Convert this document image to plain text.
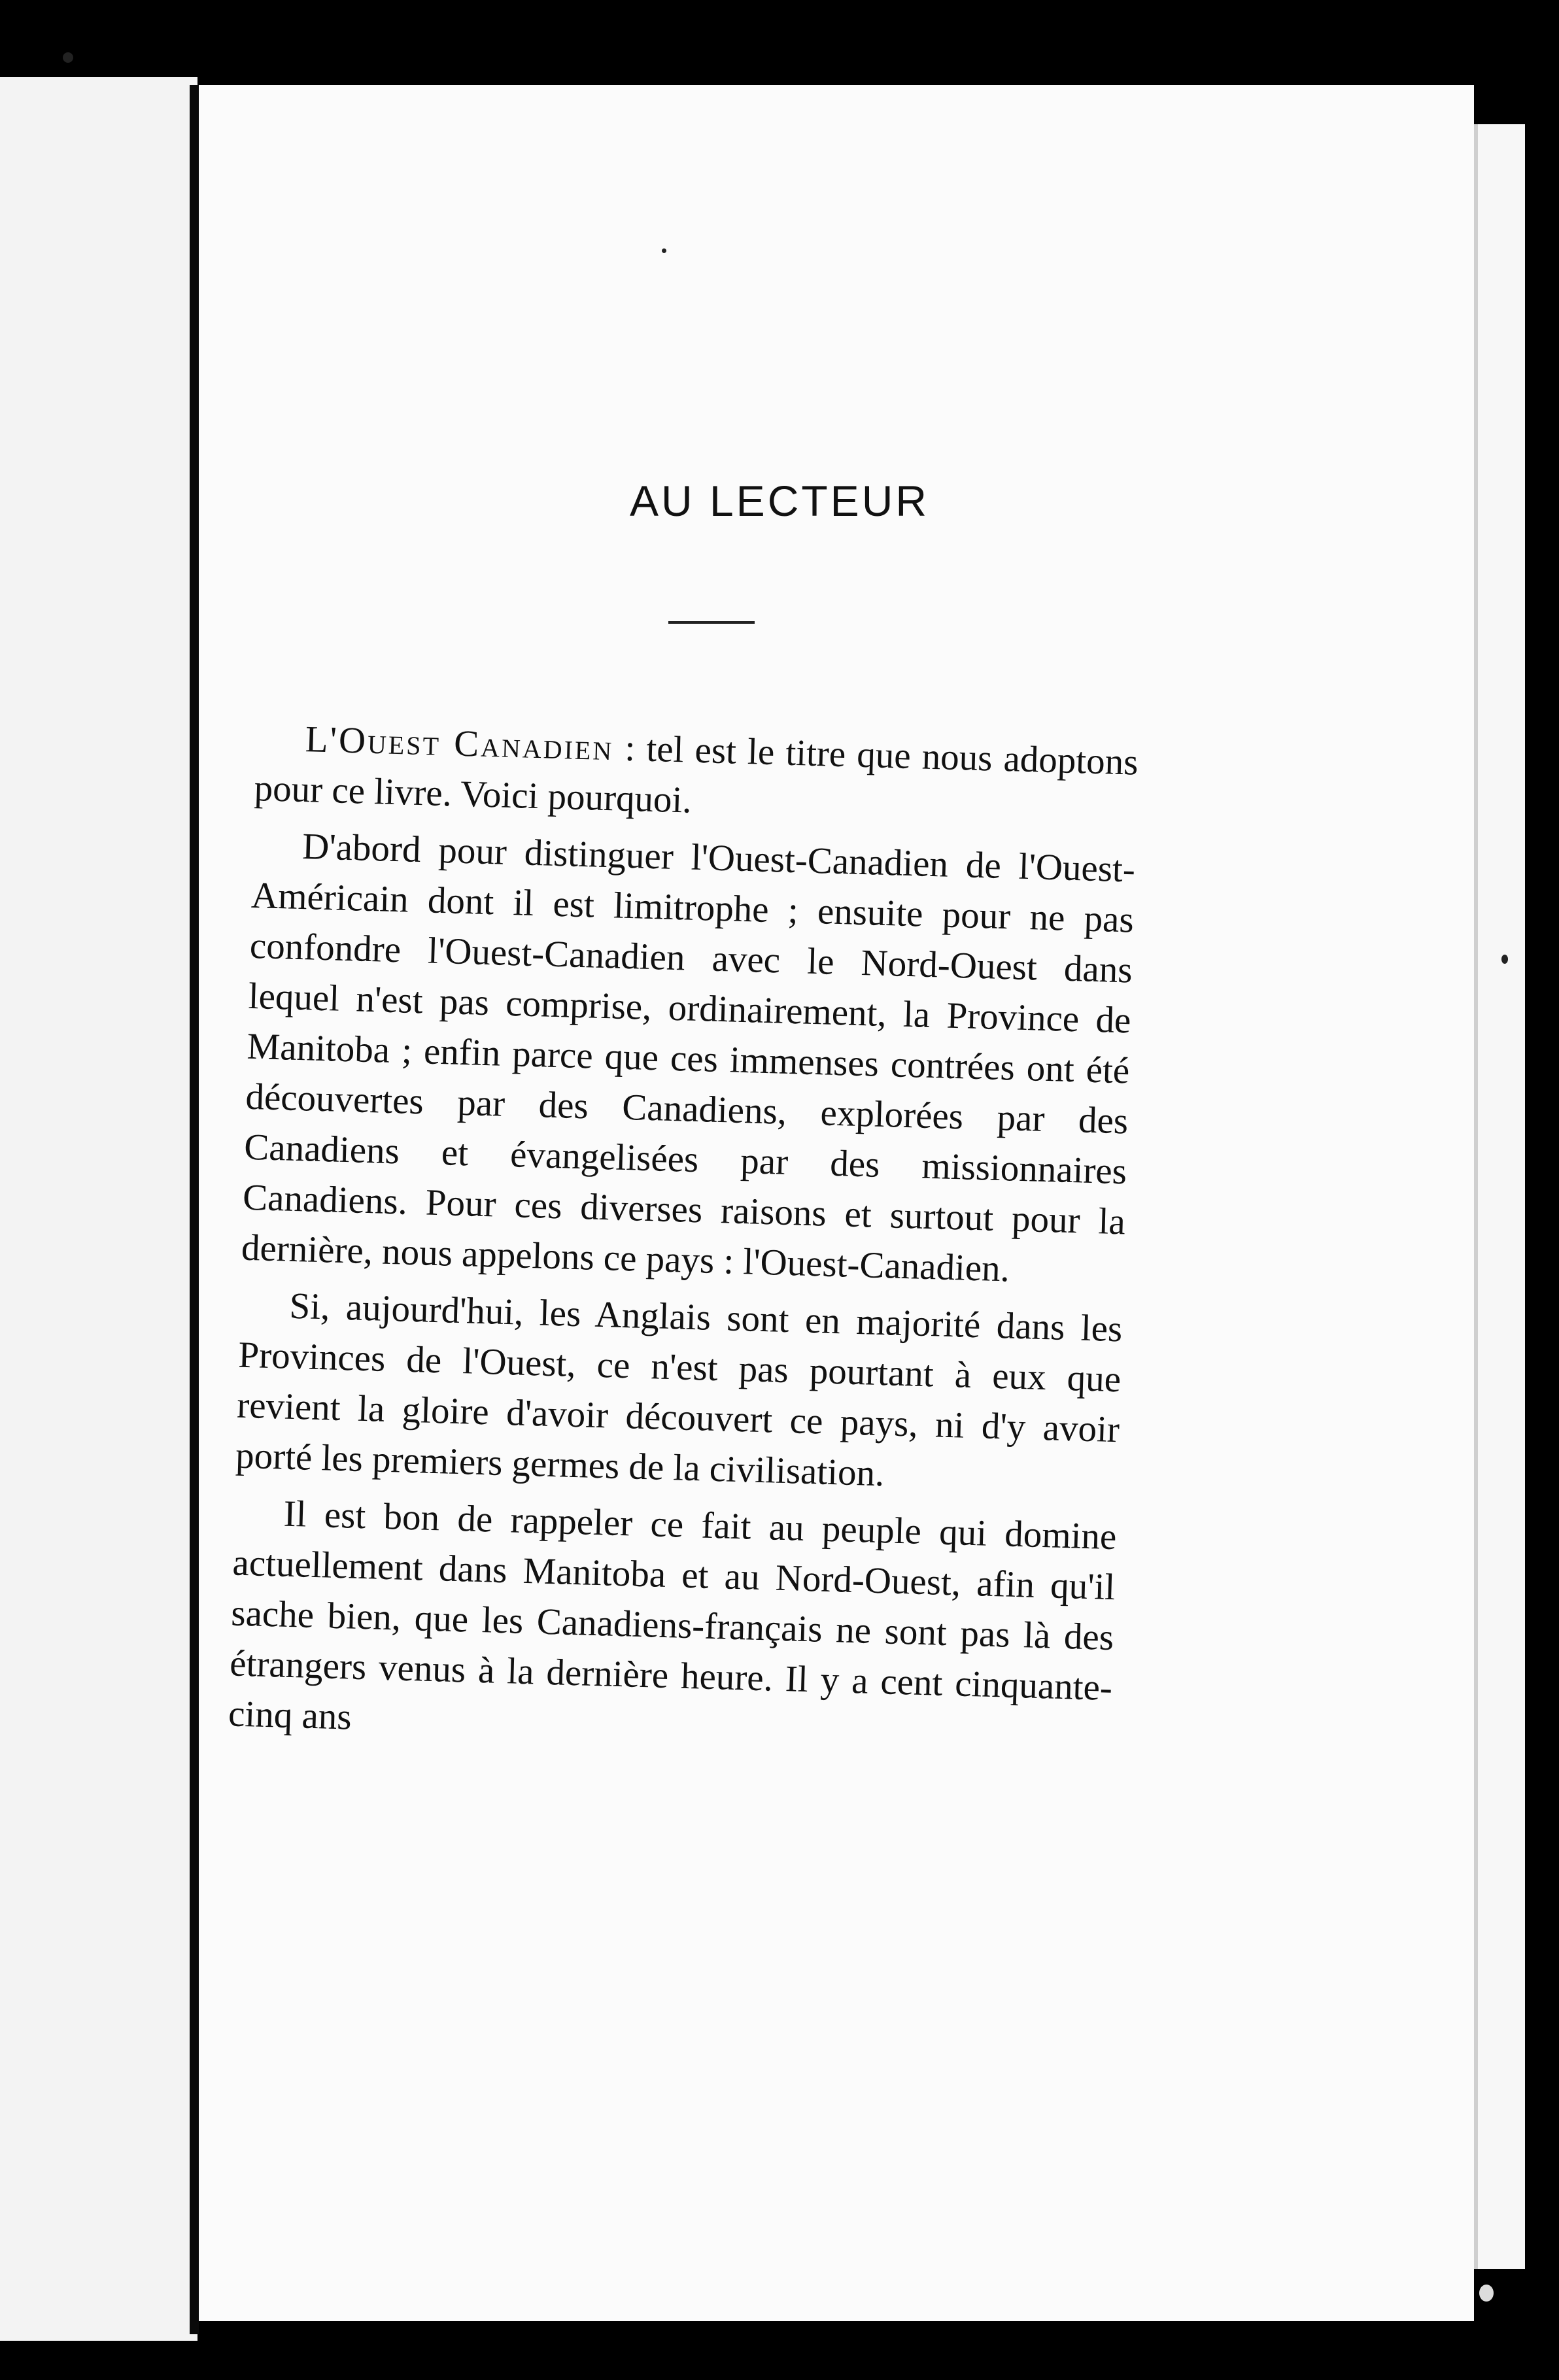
AU LECTEUR

L'Ouest Canadien : tel est le titre que nous adoptons pour ce livre. Voici pourquoi.

D'abord pour distinguer l'Ouest-Canadien de l'Ouest-Américain dont il est limitrophe ; ensuite pour ne pas confondre l'Ouest-Canadien avec le Nord-Ouest dans lequel n'est pas comprise, ordinairement, la Province de Manitoba ; enfin parce que ces immenses contrées ont été découvertes par des Canadiens, explorées par des Canadiens et évangelisées par des missionnaires Canadiens. Pour ces diverses raisons et surtout pour la dernière, nous appelons ce pays : l'Ouest-Canadien.

Si, aujourd'hui, les Anglais sont en majorité dans les Provinces de l'Ouest, ce n'est pas pourtant à eux que revient la gloire d'avoir découvert ce pays, ni d'y avoir porté les premiers germes de la civilisation.

Il est bon de rappeler ce fait au peuple qui domine actuellement dans Manitoba et au Nord-Ouest, afin qu'il sache bien, que les Canadiens-français ne sont pas là des étrangers venus à la dernière heure. Il y a cent cinquante-cinq ans
